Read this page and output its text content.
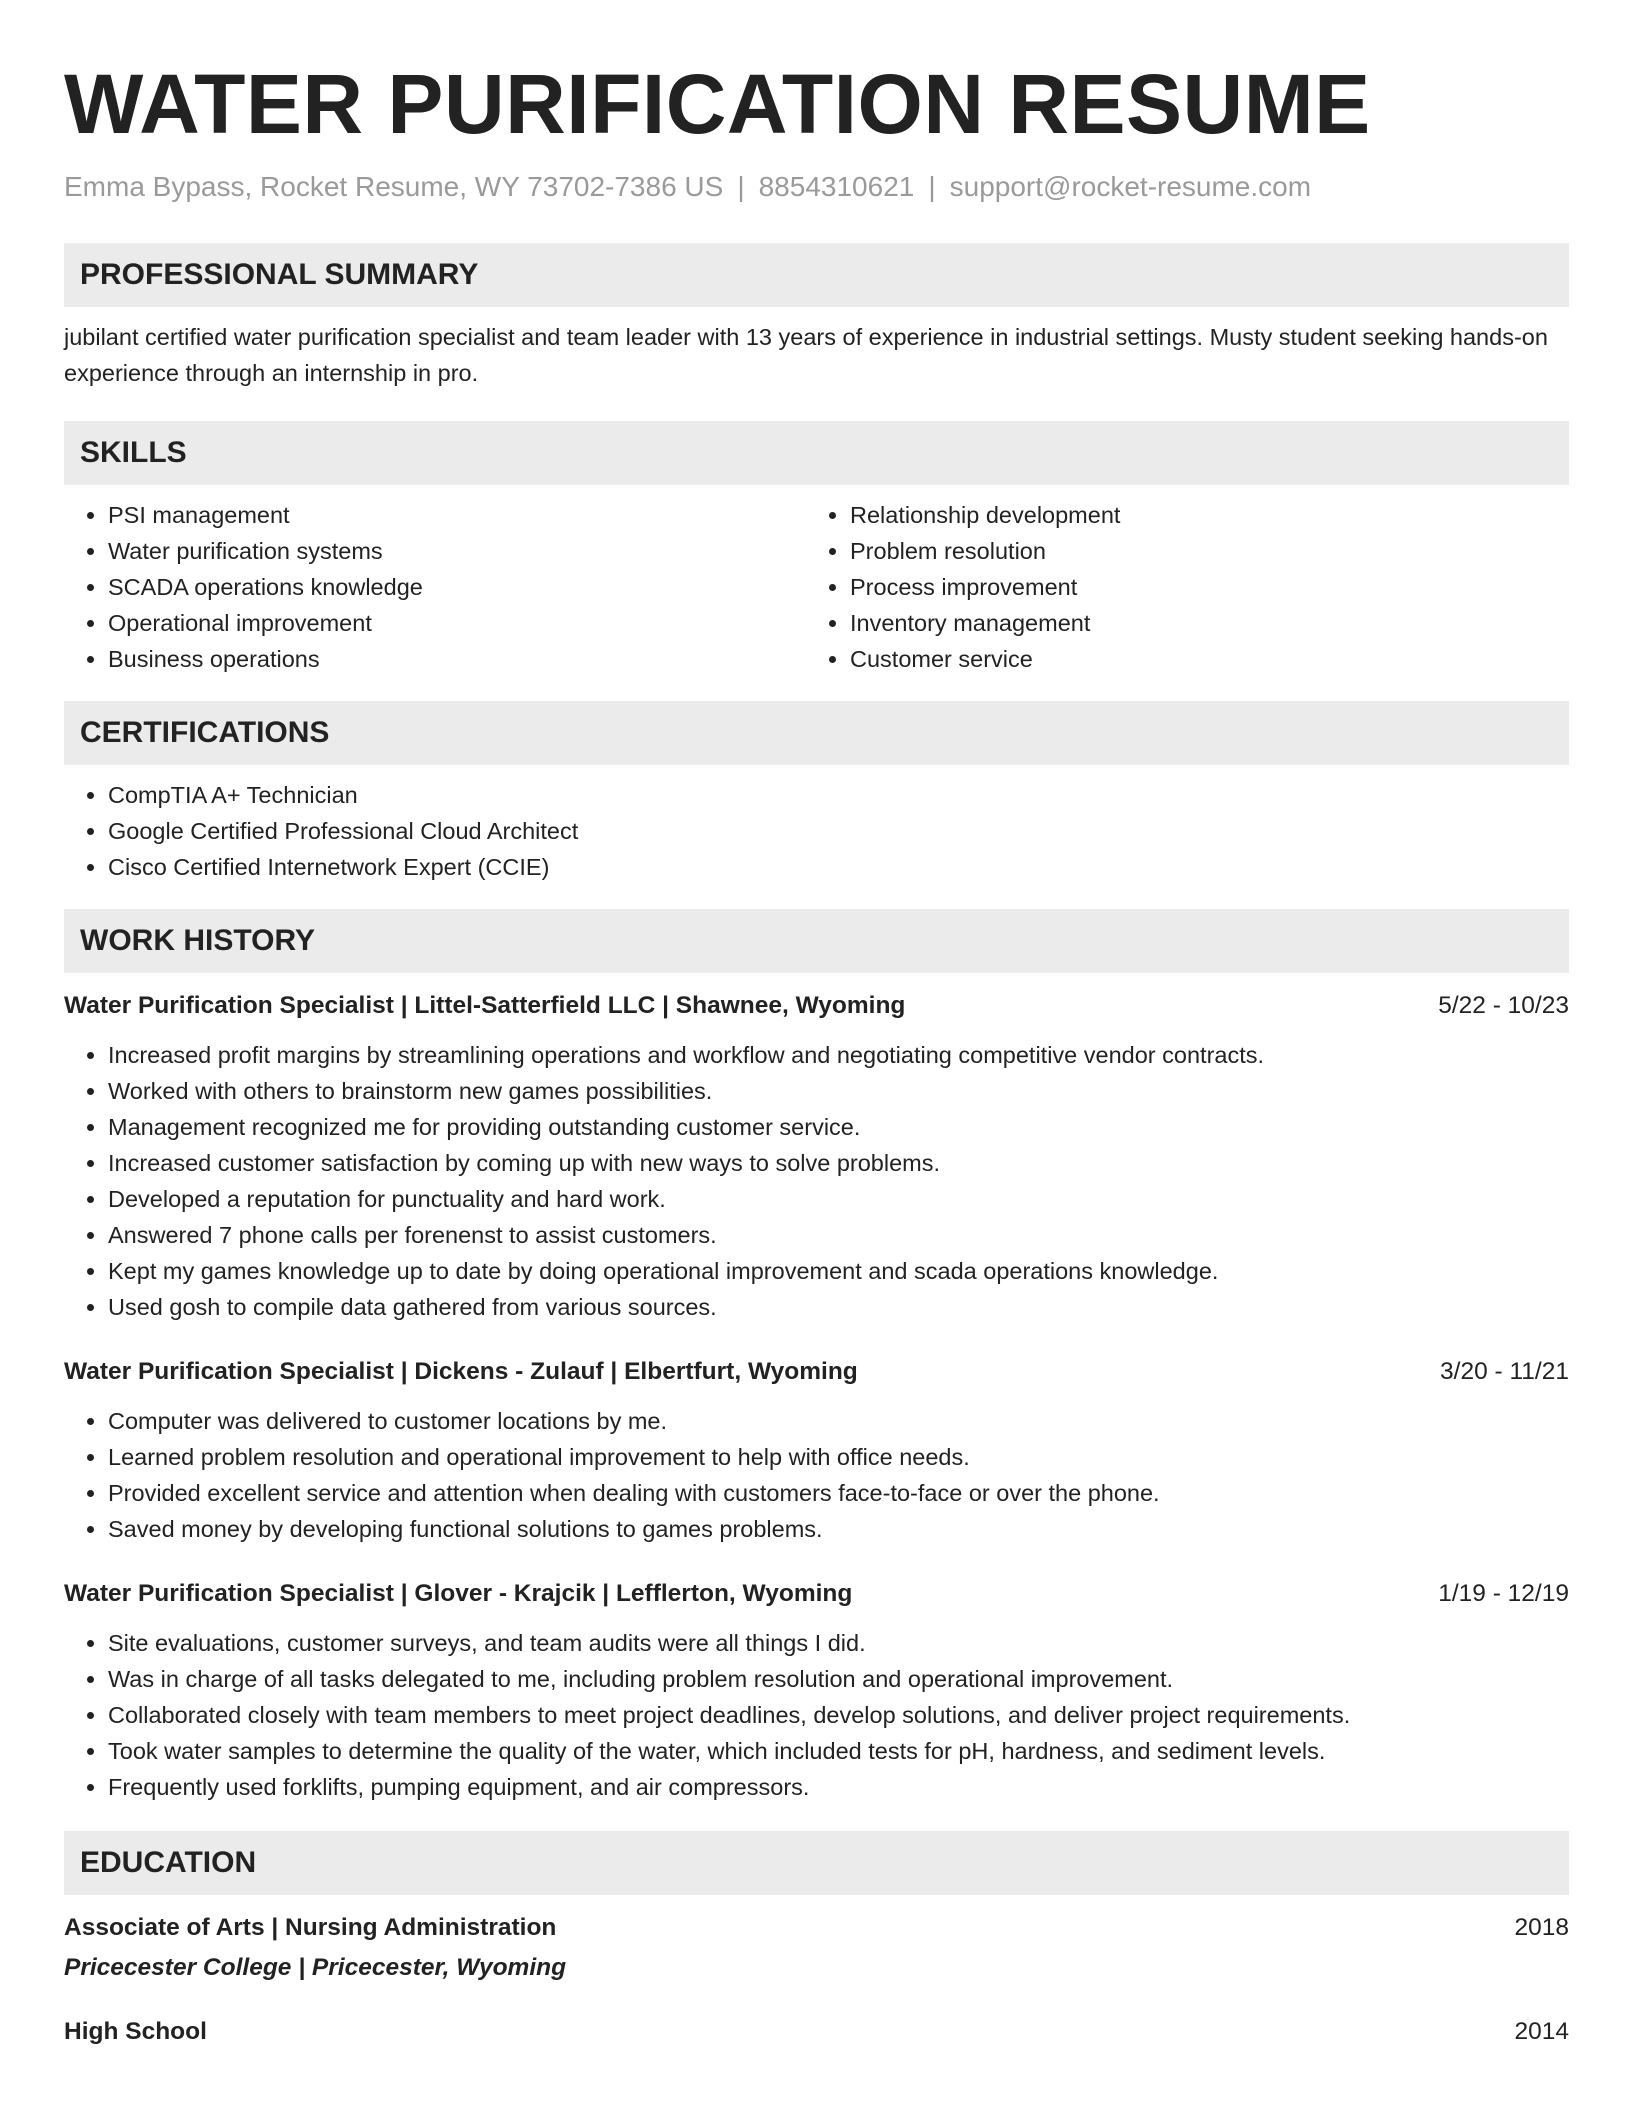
WATER PURIFICATION RESUME
Emma Bypass, Rocket Resume, WY 73702-7386 US | 8854310621 | support@rocket-resume.com
PROFESSIONAL SUMMARY
jubilant certified water purification specialist and team leader with 13 years of experience in industrial settings. Musty student seeking hands-on experience through an internship in pro.
SKILLS
• PSI management
• Water purification systems
• SCADA operations knowledge
• Operational improvement
• Business operations
• Relationship development
• Problem resolution
• Process improvement
• Inventory management
• Customer service
CERTIFICATIONS
• CompTIA A+ Technician
• Google Certified Professional Cloud Architect
• Cisco Certified Internetwork Expert (CCIE)
WORK HISTORY
Water Purification Specialist | Littel-Satterfield LLC | Shawnee, Wyoming	5/22 - 10/23
• Increased profit margins by streamlining operations and workflow and negotiating competitive vendor contracts.
• Worked with others to brainstorm new games possibilities.
• Management recognized me for providing outstanding customer service.
• Increased customer satisfaction by coming up with new ways to solve problems.
• Developed a reputation for punctuality and hard work.
• Answered 7 phone calls per forenenst to assist customers.
• Kept my games knowledge up to date by doing operational improvement and scada operations knowledge.
• Used gosh to compile data gathered from various sources.
Water Purification Specialist | Dickens - Zulauf | Elbertfurt, Wyoming	3/20 - 11/21
• Computer was delivered to customer locations by me.
• Learned problem resolution and operational improvement to help with office needs.
• Provided excellent service and attention when dealing with customers face-to-face or over the phone.
• Saved money by developing functional solutions to games problems.
Water Purification Specialist | Glover - Krajcik | Lefflerton, Wyoming	1/19 - 12/19
• Site evaluations, customer surveys, and team audits were all things I did.
• Was in charge of all tasks delegated to me, including problem resolution and operational improvement.
• Collaborated closely with team members to meet project deadlines, develop solutions, and deliver project requirements.
• Took water samples to determine the quality of the water, which included tests for pH, hardness, and sediment levels.
• Frequently used forklifts, pumping equipment, and air compressors.
EDUCATION
Associate of Arts | Nursing Administration	2018
Pricecester College | Pricecester, Wyoming
High School	2014
